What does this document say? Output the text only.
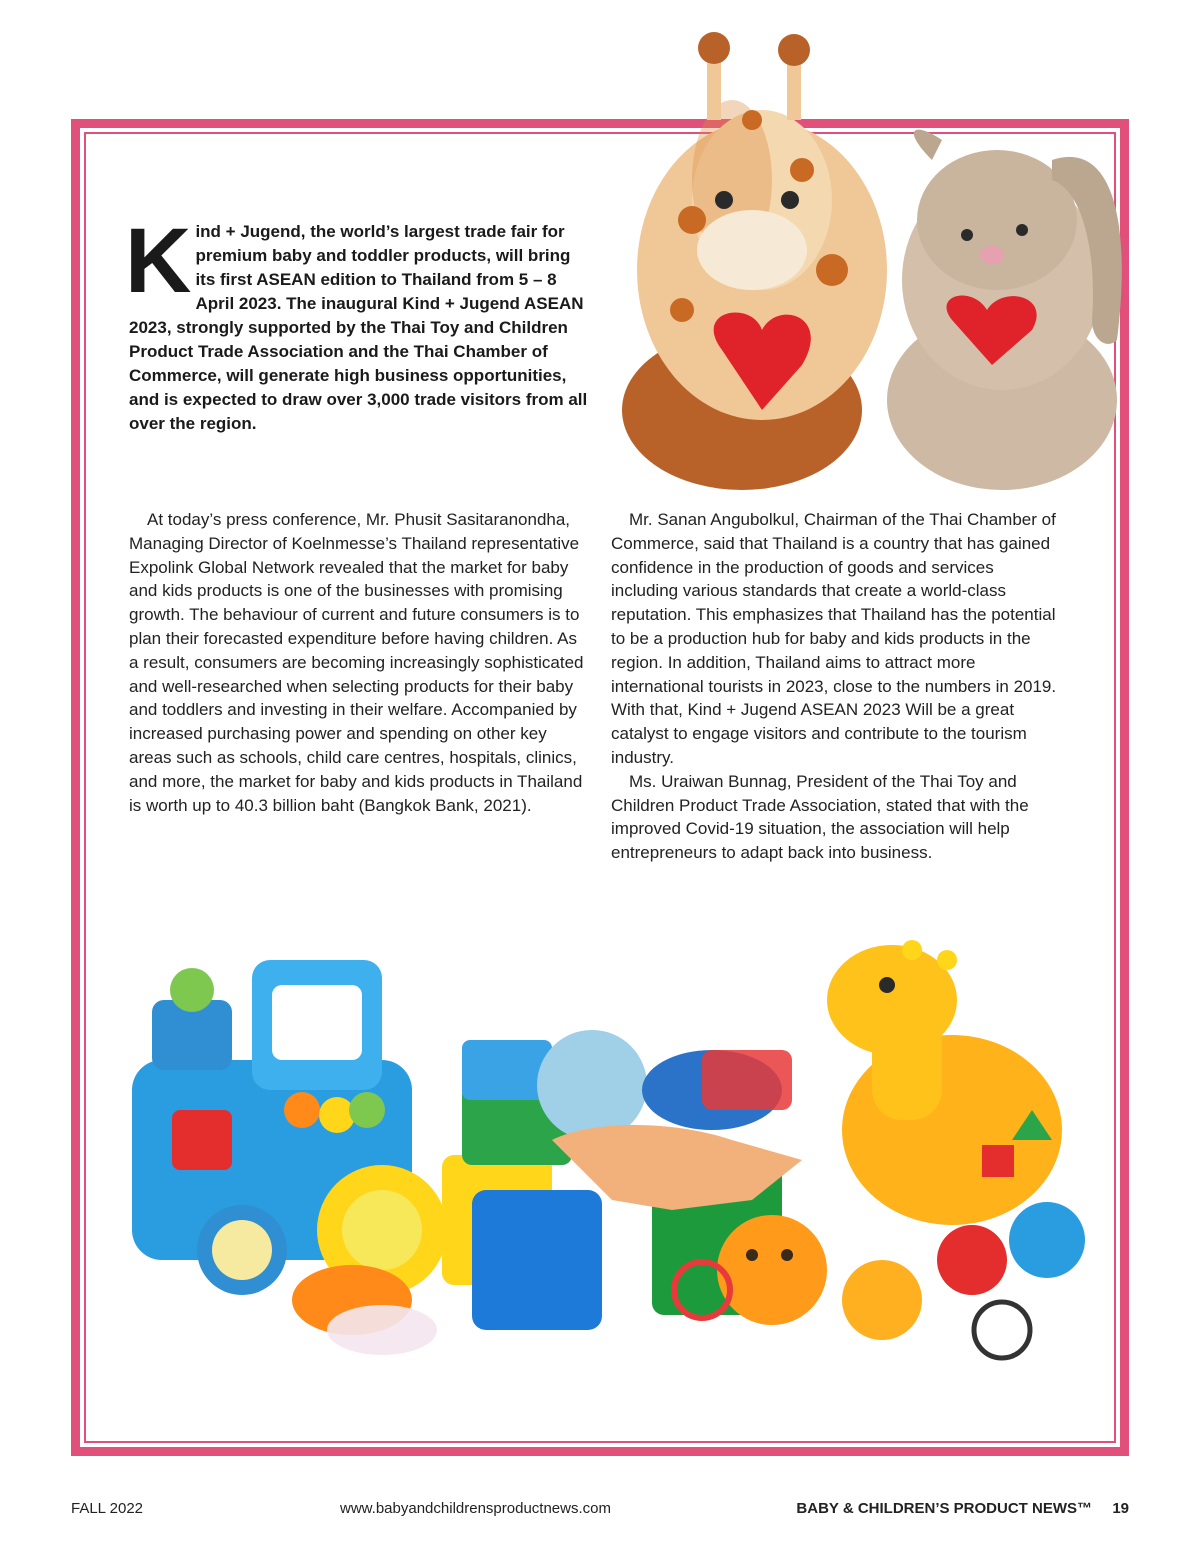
K ind + Jugend, the world’s largest trade fair for premium baby and toddler products, will bring its first ASEAN edition to Thailand from 5 – 8 April 2023. The inaugural Kind + Jugend ASEAN 2023, strongly supported by the Thai Toy and Children Product Trade Association and the Thai Chamber of Commerce, will generate high business opportunities, and is expected to draw over 3,000 trade visitors from all over the region.

At today’s press conference, Mr. Phusit Sasitaranondha, Managing Director of Koelnmesse’s Thailand representative Expolink Global Network revealed that the market for baby and kids products is one of the businesses with promising growth. The behaviour of current and future consumers is to plan their forecasted expenditure before having children. As a result, consumers are becoming increasingly sophisticated and well-researched when selecting products for their baby and toddlers and investing in their welfare. Accompanied by increased purchasing power and spending on other key areas such as schools, child care centres, hospitals, clinics, and more, the market for baby and kids products in Thailand is worth up to 40.3 billion baht (Bangkok Bank, 2021).

Mr. Sanan Angubolkul, Chairman of the Thai Chamber of Commerce, said that Thailand is a country that has gained confidence in the production of goods and services including various standards that create a world-class reputation. This emphasizes that Thailand has the potential to be a production hub for baby and kids products in the region. In addition, Thailand aims to attract more international tourists in 2023, close to the numbers in 2019. With that, Kind + Jugend ASEAN 2023 Will be a great catalyst to engage visitors and contribute to the tourism industry.

Ms. Uraiwan Bunnag, President of the Thai Toy and Children Product Trade Association, stated that with the improved Covid-19 situation, the association will help entrepreneurs to adapt back into business.

FALL 2022	www.babyandchildrensproductnews.com	BABY & CHILDREN’S PRODUCT NEWS™ 19
